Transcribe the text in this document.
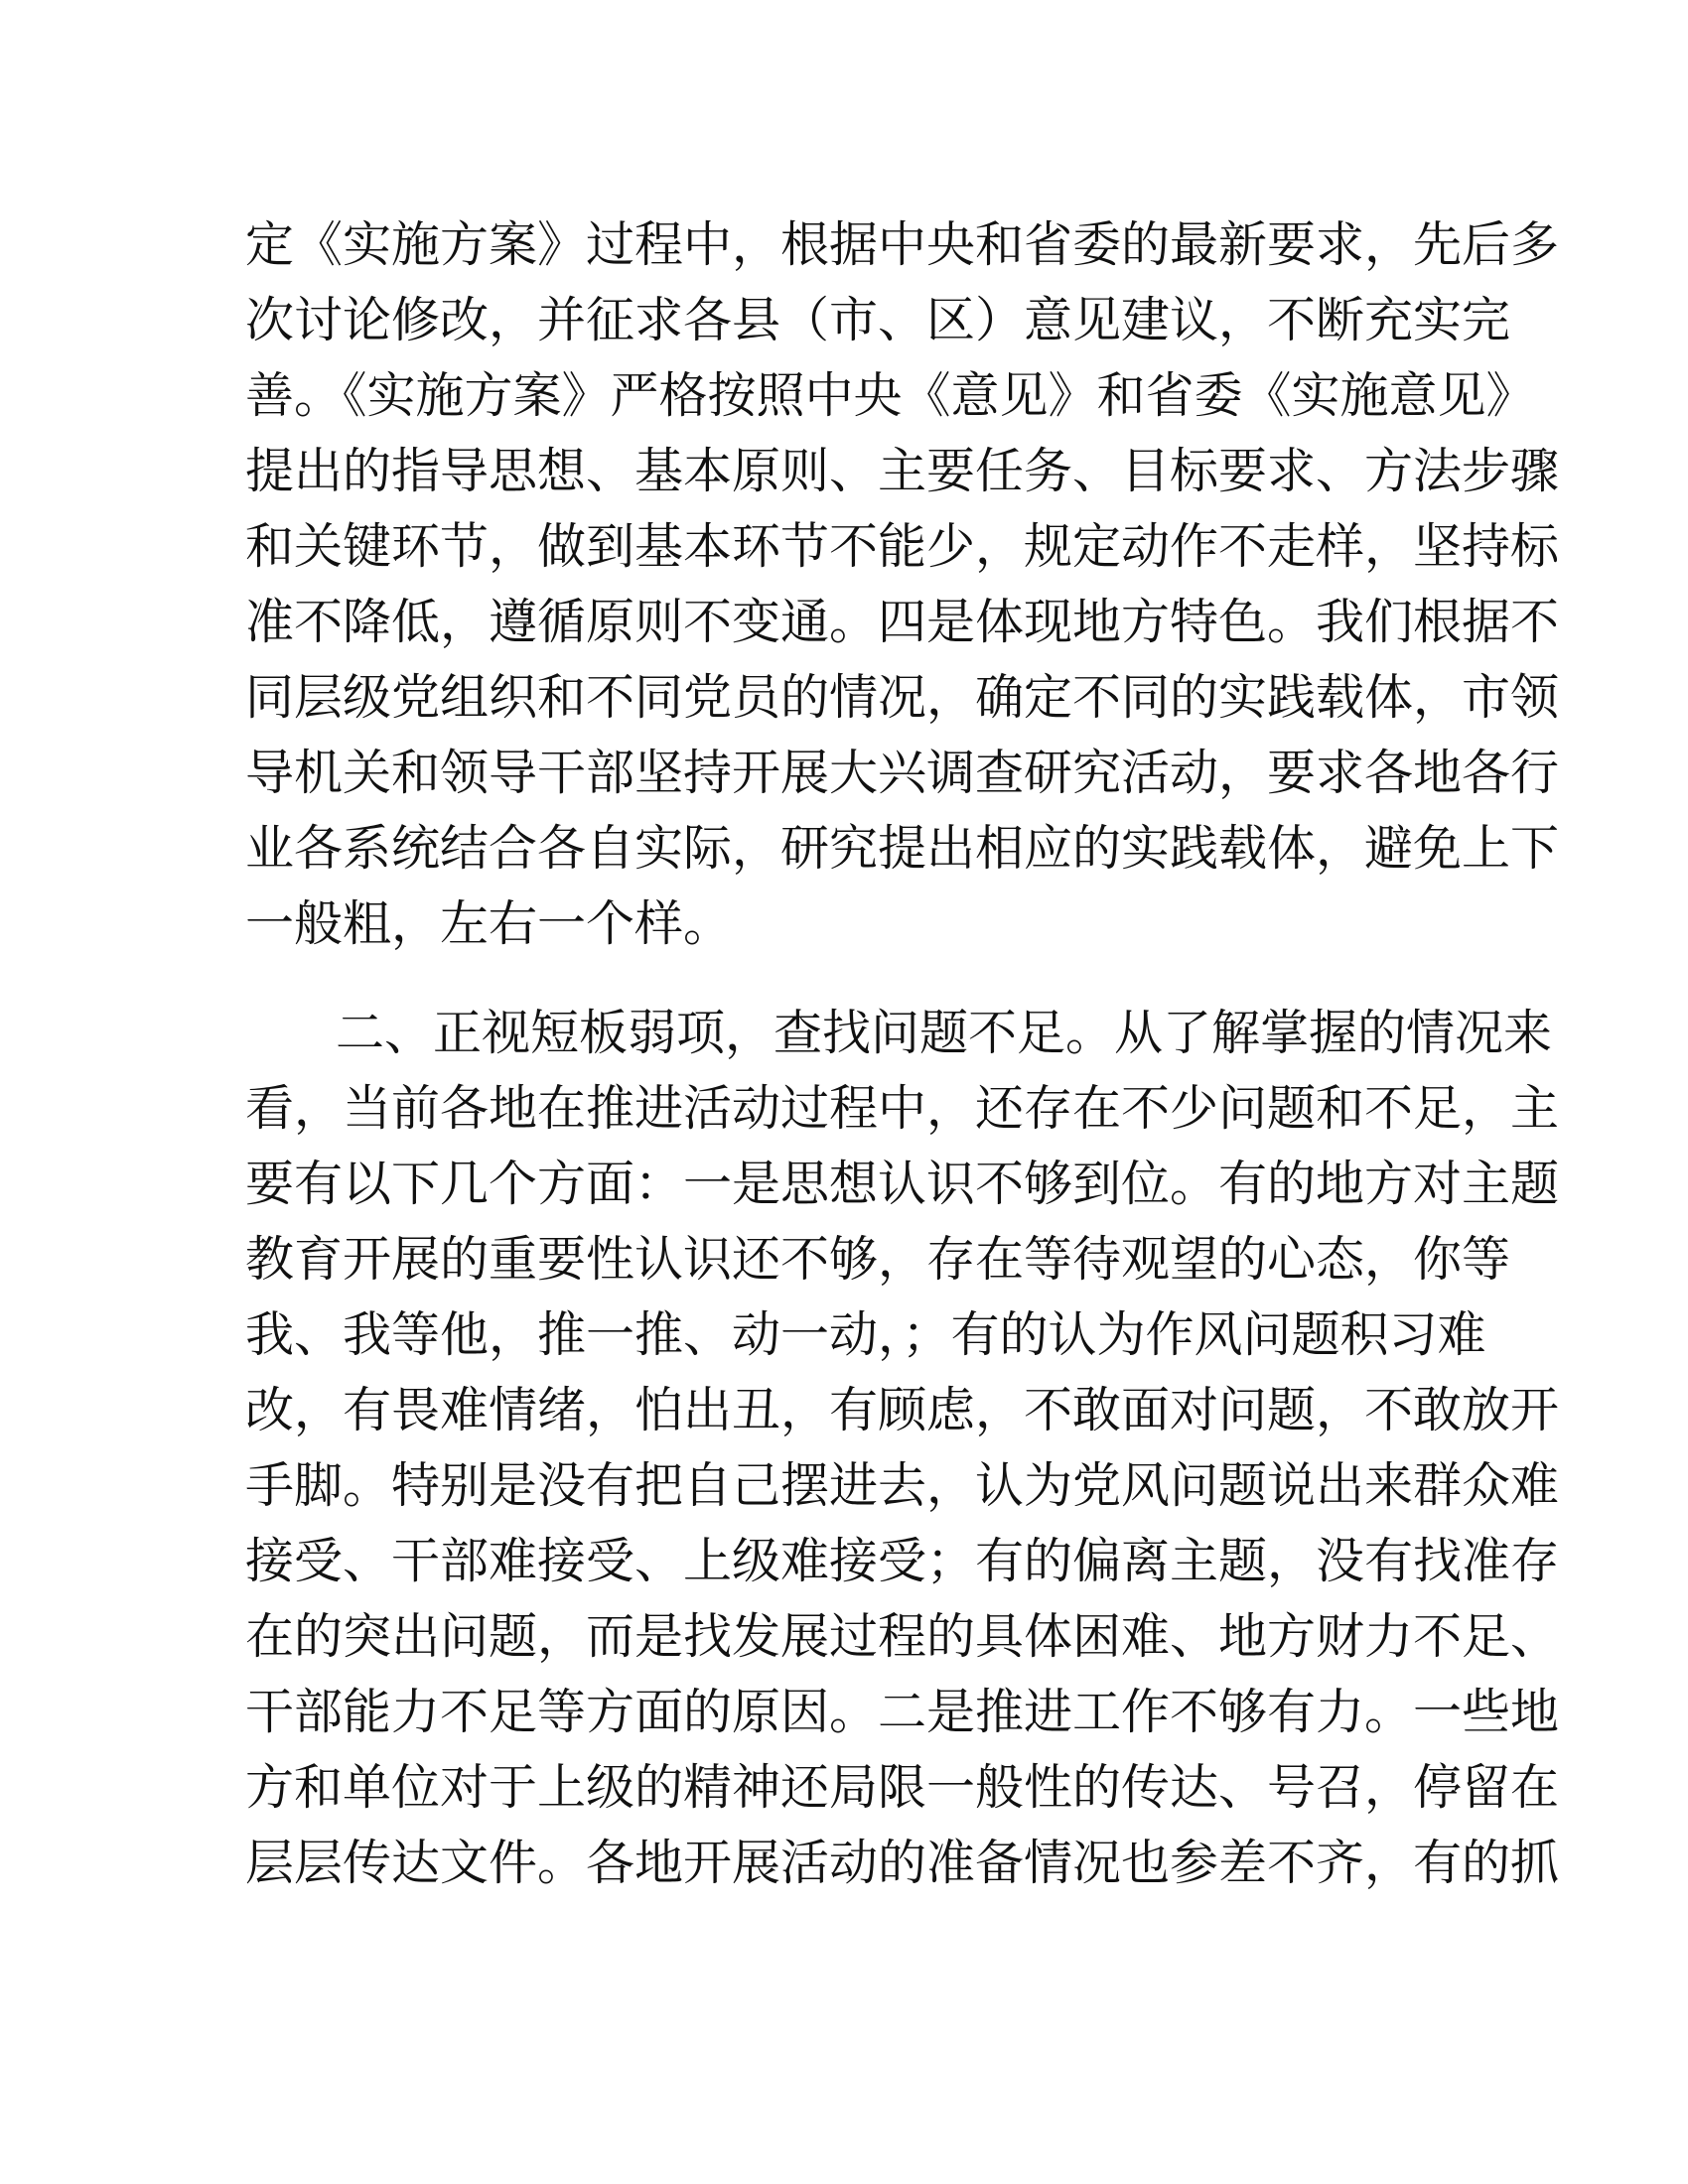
定《实施方案》过程中，根据中央和省委的最新要求，先后多
次讨论修改，并征求各县（市、区）意见建议，不断充实完
善。《实施方案》严格按照中央《意见》和省委《实施意见》
提出的指导思想、基本原则、主要任务、目标要求、方法步骤
和关键环节，做到基本环节不能少，规定动作不走样，坚持标
准不降低，遵循原则不变通。四是体现地方特色。我们根据不
同层级党组织和不同党员的情况，确定不同的实践载体，市领
导机关和领导干部坚持开展大兴调查研究活动，要求各地各行
业各系统结合各自实际，研究提出相应的实践载体，避免上下
一般粗，左右一个样。
二、正视短板弱项，查找问题不足。从了解掌握的情况来
看，当前各地在推进活动过程中，还存在不少问题和不足，主
要有以下几个方面：一是思想认识不够到位。有的地方对主题
教育开展的重要性认识还不够，存在等待观望的心态，你等
我、我等他，推一推、动一动，；有的认为作风问题积习难
改，有畏难情绪，怕出丑，有顾虑，不敢面对问题，不敢放开
手脚。特别是没有把自己摆进去，认为党风问题说出来群众难
接受、干部难接受、上级难接受；有的偏离主题，没有找准存
在的突出问题，而是找发展过程的具体困难、地方财力不足、
干部能力不足等方面的原因。二是推进工作不够有力。一些地
方和单位对于上级的精神还局限一般性的传达、号召，停留在
层层传达文件。各地开展活动的准备情况也参差不齐，有的抓
